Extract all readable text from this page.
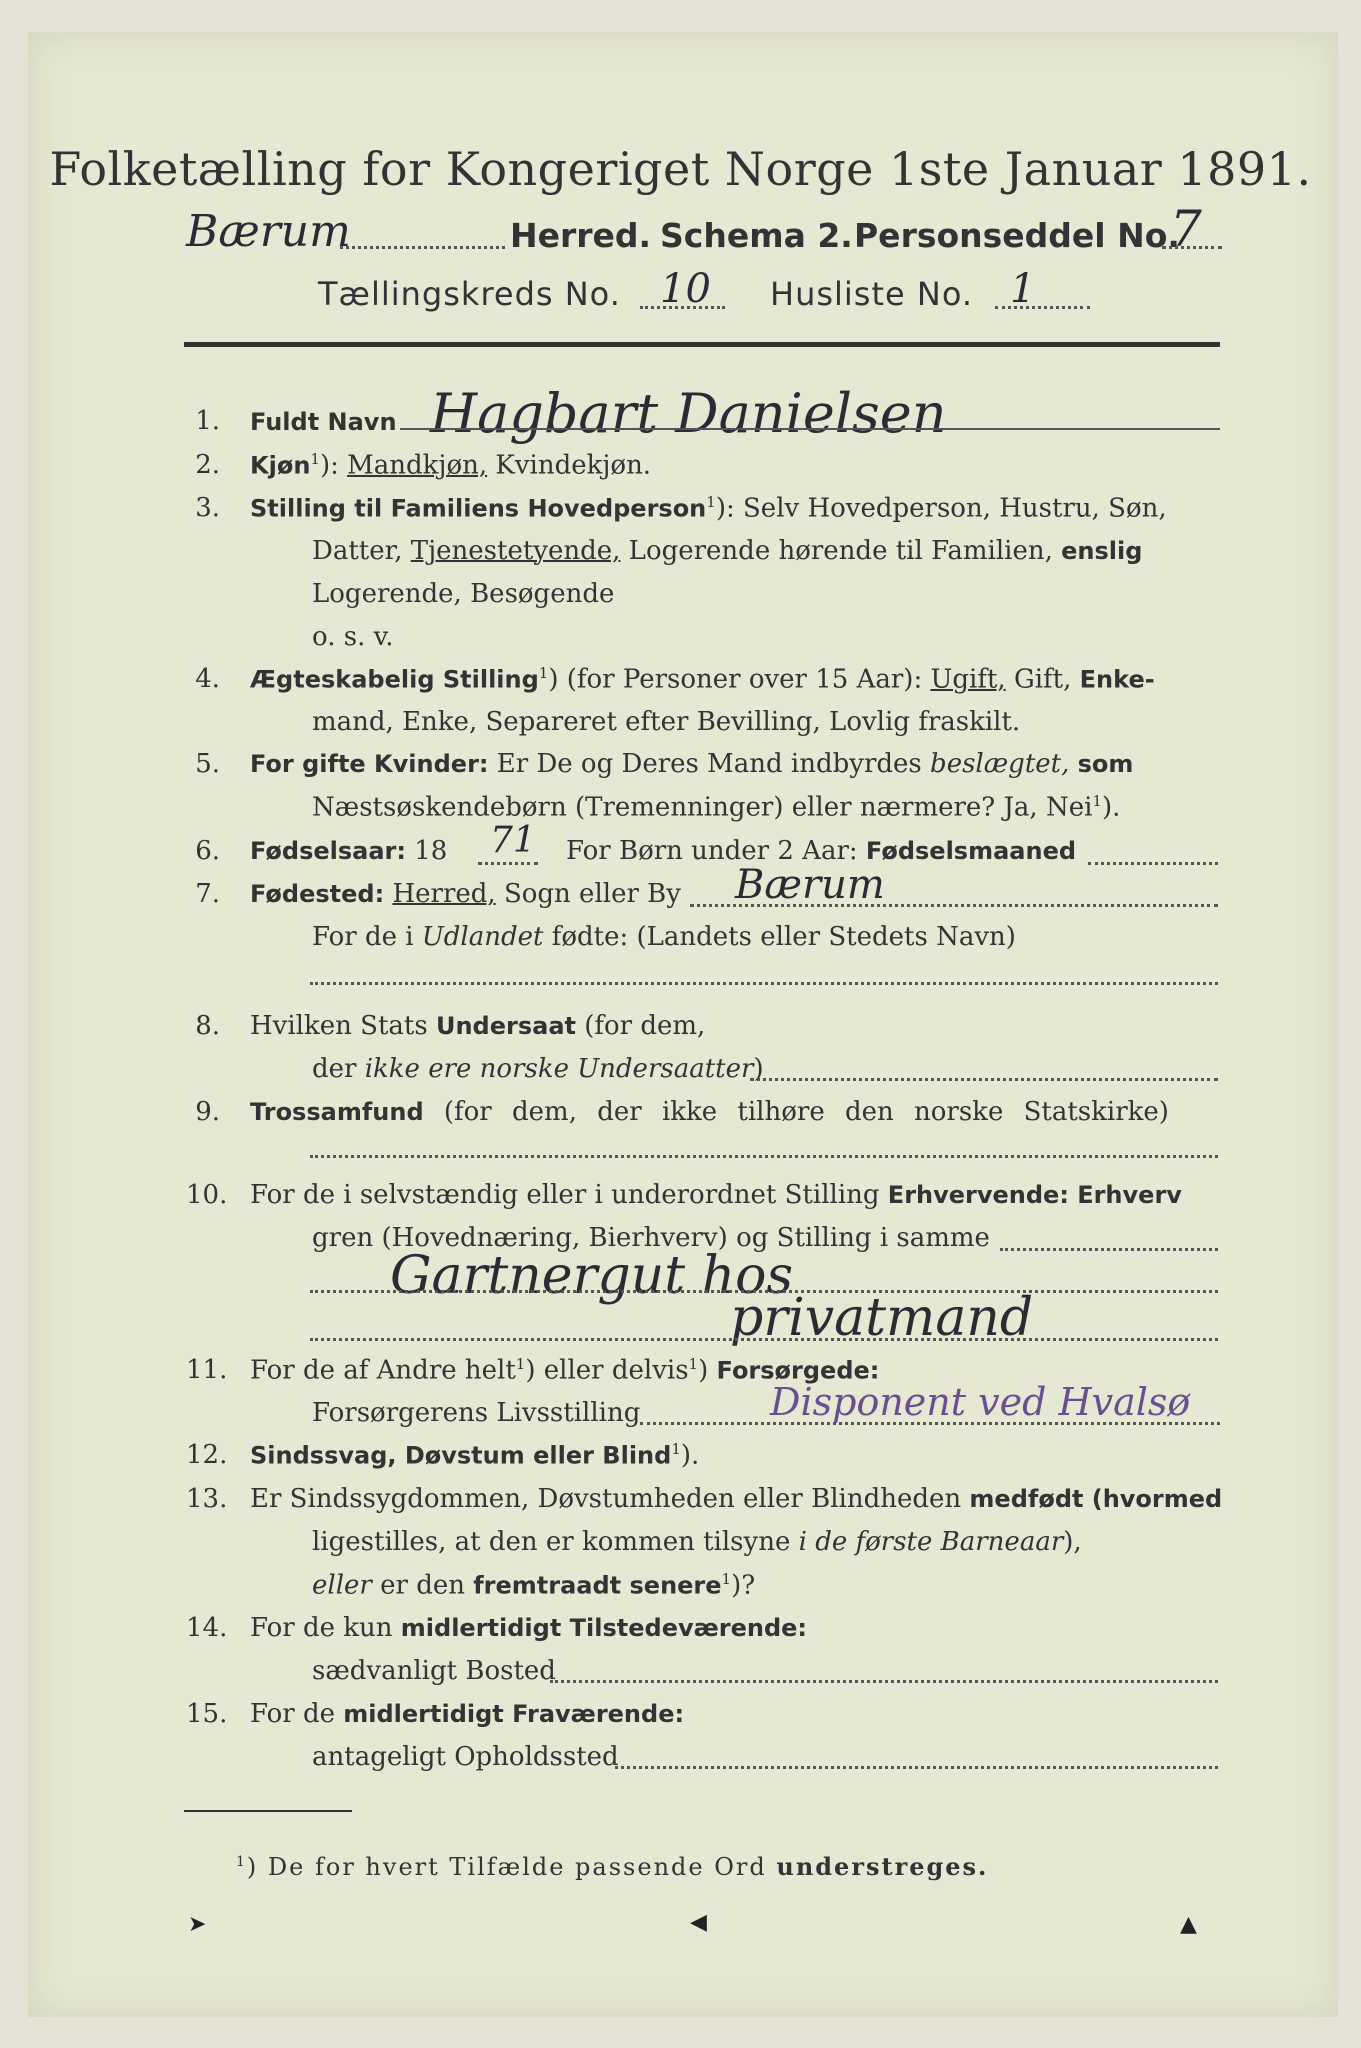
Folketælling for Kongeriget Norge 1ste Januar 1891.
Bærum	Herred. Schema 2. Personseddel No.
7
Tællingskreds No. 10 Husliste No. 1
1. Fuldt Navn Hagbart Danielsen
2. Kjøn$^1$): Mandkjøn, Kvindekjøn.
3. Stilling til Familiens Hovedperson$^1$): Selv Hovedperson, Hustru, Søn,
Datter, Tjenestetyende, Logerende hørende til Familien, enslig
Logerende, Besøgende
o. s. v.
4. Ægteskabelig Stilling$^1$) (for Personer over 15 Aar): Ugift, Gift, Enke-
mand, Enke, Separeret efter Bevilling, Lovlig fraskilt.
5. For gifte Kvinder: Er De og Deres Mand indbyrdes beslægtet, som
Næstsøskendebørn (Tremenninger) eller nærmere? Ja, Nei$^1$).
6. Fødselsaar: 18 71 For Børn under 2 Aar: Fødselsmaaned
7. Fødested: Herred, Sogn eller By Bærum
For de i Udlandet fødte: (Landets eller Stedets Navn)
8. Hvilken Stats Undersaat (for dem,
der ikke ere norske Undersaatter)
9. Trossamfund (for dem, der ikke tilhøre den norske Statskirke)
10. For de i selvstændig eller i underordnet Stilling Erhvervende: Erhverv
gren (Hovednæring, Bierhverv) og Stilling i samme
Gartnergut hos
privatmand
11. For de af Andre helt$^1$) eller delvis$^1$) Forsørgede:
Forsørgerens Livsstilling	Disponent ved Hvalsø
12. Sindssvag, Døvstum eller Blind$^1$).
13. Er Sindssygdommen, Døvstumheden eller Blindheden medfødt (hvormed
ligestilles, at den er kommen tilsyne i de første Barneaar),
eller er den fremtraadt senere$^1$)?
14. For de kun midlertidigt Tilstedeværende:
sædvanligt Bosted
15. For de midlertidigt Fraværende:
antageligt Opholdssted
$^1$) De for hvert Tilfælde passende Ord understreges.
➤	◀	▲
